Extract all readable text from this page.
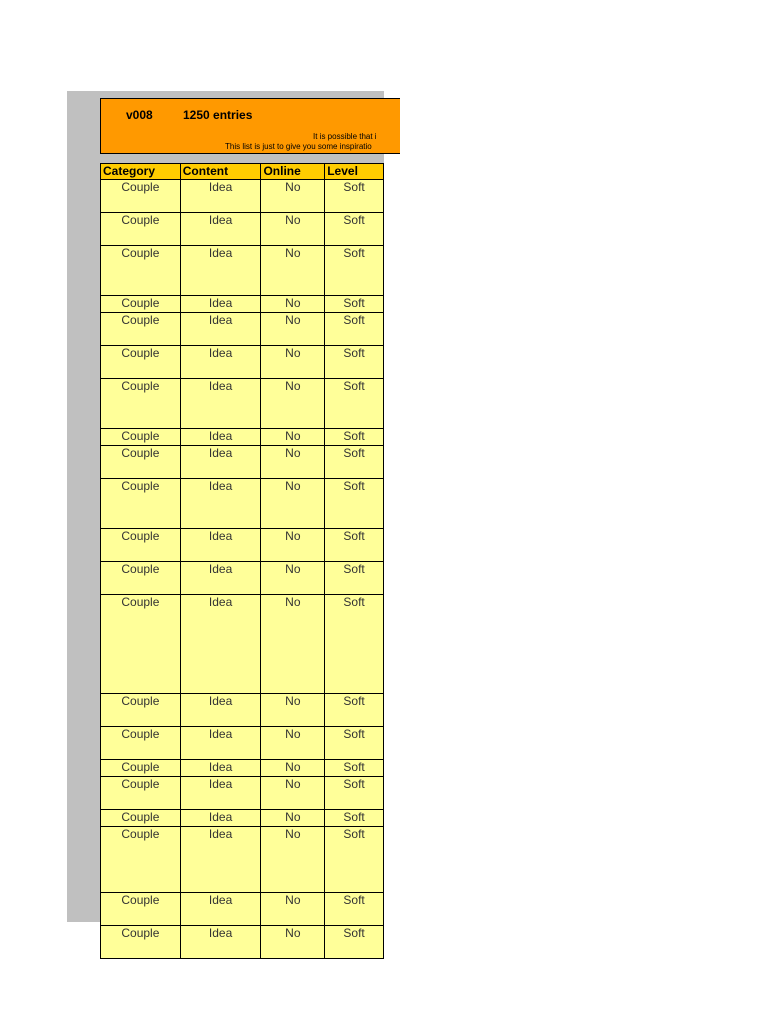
v008	1250 entries
It is possible that i
This list is just to give you some inspiratio
Category	Content	Online	Level
Couple	Idea	No	Soft
Couple	Idea	No	Soft
Couple	Idea	No	Soft
Couple	Idea	No	Soft
Couple	Idea	No	Soft
Couple	Idea	No	Soft
Couple	Idea	No	Soft
Couple	Idea	No	Soft
Couple	Idea	No	Soft
Couple	Idea	No	Soft
Couple	Idea	No	Soft
Couple	Idea	No	Soft
Couple	Idea	No	Soft
Couple	Idea	No	Soft
Couple	Idea	No	Soft
Couple	Idea	No	Soft
Couple	Idea	No	Soft
Couple	Idea	No	Soft
Couple	Idea	No	Soft
Couple	Idea	No	Soft
Couple	Idea	No	Soft
